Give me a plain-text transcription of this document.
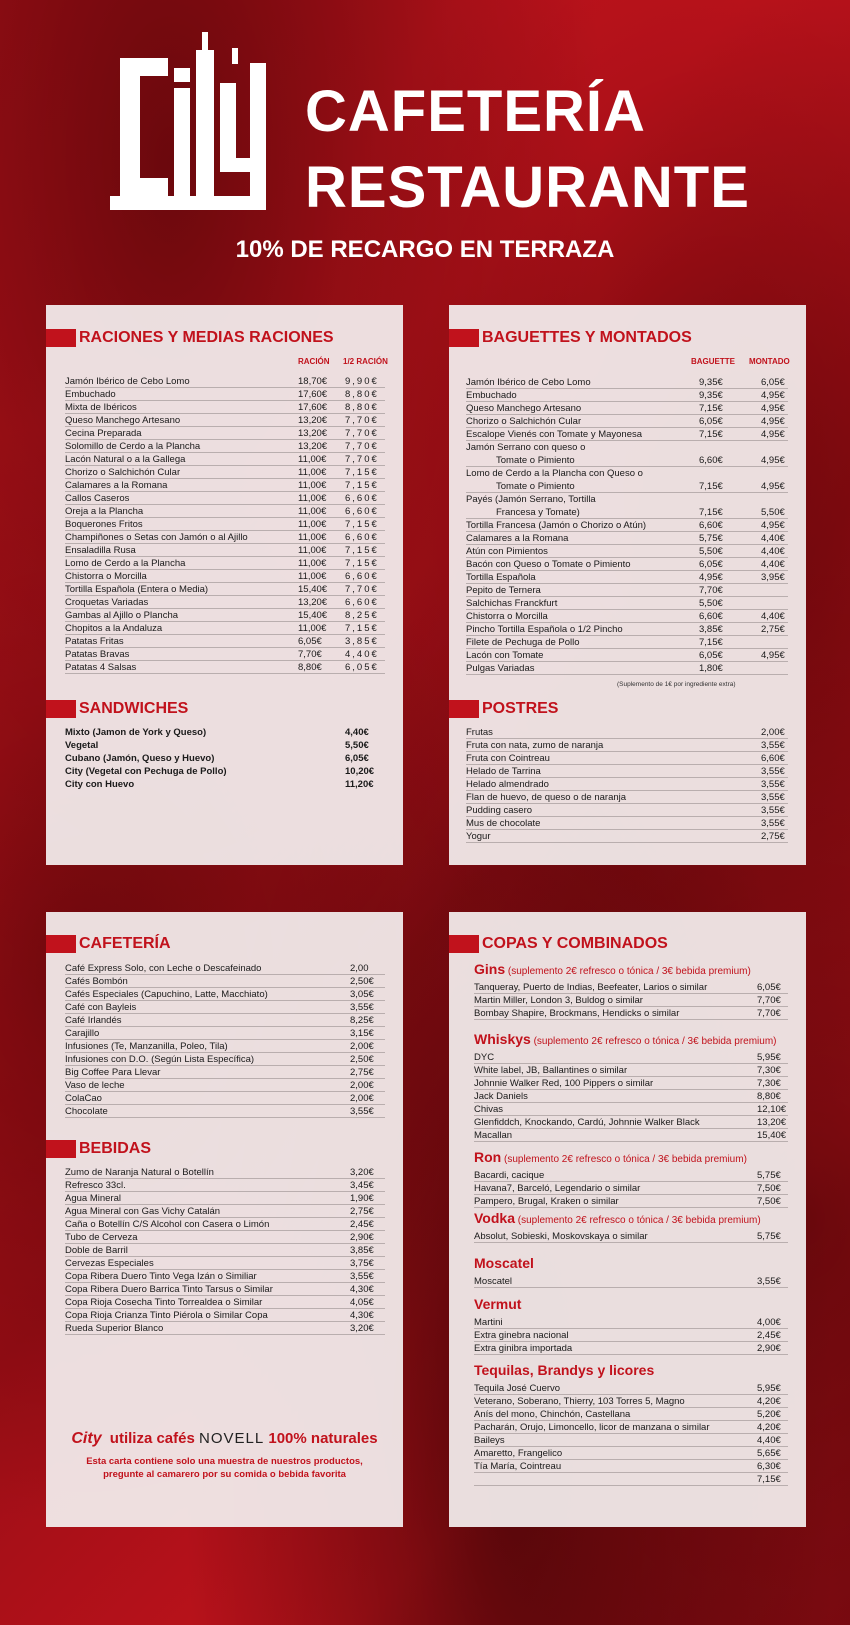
CAFETERÍA
RESTAURANTE
10% DE RECARGO EN TERRAZA
RACIONES Y MEDIAS RACIONES
RACIÓN 1/2 RACIÓN
Jamón Ibérico de Cebo Lomo	18,70€ 9,90€
Embuchado	17,60€ 8,80€
Mixta de Ibéricos	17,60€ 8,80€
Queso Manchego Artesano	13,20€ 7,70€
Cecina Preparada	13,20€ 7,70€
Solomillo de Cerdo a la Plancha	13,20€ 7,70€
Lacón Natural o a la Gallega	11,00€ 7,70€
Chorizo o Salchichón Cular	11,00€ 7,15€
Calamares a la Romana	11,00€ 7,15€
Callos Caseros	11,00€ 6,60€
Oreja a la Plancha	11,00€ 6,60€
Boquerones Fritos	11,00€ 7,15€
Champiñones o Setas con Jamón o al Ajillo	11,00€ 6,60€
Ensaladilla Rusa	11,00€ 7,15€
Lomo de Cerdo a la Plancha	11,00€ 7,15€
Chistorra o Morcilla	11,00€ 6,60€
Tortilla Española (Entera o Media)	15,40€ 7,70€
Croquetas Variadas	13,20€ 6,60€
Gambas al Ajillo o Plancha	15,40€ 8,25€
Chopitos a la Andaluza	11,00€ 7,15€
Patatas Fritas	6,05€ 3,85€
Patatas Bravas	7,70€ 4,40€
Patatas 4 Salsas	8,80€ 6,05€
SANDWICHES
Mixto (Jamon de York y Queso)	4,40€
Vegetal	5,50€
Cubano (Jamón, Queso y Huevo)	6,05€
City (Vegetal con Pechuga de Pollo)	10,20€
City con Huevo	11,20€
BAGUETTES Y MONTADOS
BAGUETTE MONTADO
Jamón Ibérico de Cebo Lomo	9,35€	6,05€
Embuchado	9,35€	4,95€
Queso Manchego Artesano	7,15€	4,95€
Chorizo o Salchichón Cular	6,05€	4,95€
Escalope Vienés con Tomate y Mayonesa	7,15€	4,95€
Jamón Serrano con queso o
Tomate o Pimiento	6,60€	4,95€
Lomo de Cerdo a la Plancha con Queso o
Tomate o Pimiento	7,15€	4,95€
Payés (Jamón Serrano, Tortilla
Francesa y Tomate)	7,15€	5,50€
Tortilla Francesa (Jamón o Chorizo o Atún)	6,60€	4,95€
Calamares a la Romana	5,75€	4,40€
Atún con Pimientos	5,50€	4,40€
Bacón con Queso o Tomate o Pimiento	6,05€	4,40€
Tortilla Española	4,95€	3,95€
Pepito de Ternera	7,70€
Salchichas Franckfurt	5,50€
Chistorra o Morcilla	6,60€	4,40€
Pincho Tortilla Española o 1/2 Pincho	3,85€	2,75€
Filete de Pechuga de Pollo	7,15€
Lacón con Tomate	6,05€	4,95€
Pulgas Variadas	1,80€
(Suplemento de 1€ por ingrediente extra)
POSTRES
Frutas	2,00€
Fruta con nata, zumo de naranja	3,55€
Fruta con Cointreau	6,60€
Helado de Tarrina	3,55€
Helado almendrado	3,55€
Flan de huevo, de queso o de naranja	3,55€
Pudding casero	3,55€
Mus de chocolate	3,55€
Yogur	2,75€
CAFETERÍA
Café Express Solo, con Leche o Descafeinado	2,00
Cafés Bombón	2,50€
Cafés Especiales (Capuchino, Latte, Macchiato)	3,05€
Café con Bayleis	3,55€
Café Irlandés	8,25€
Carajillo	3,15€
Infusiones (Te, Manzanilla, Poleo, Tila)	2,00€
Infusiones con D.O. (Según Lista Específica)	2,50€
Big Coffee Para Llevar	2,75€
Vaso de leche	2,00€
ColaCao	2,00€
Chocolate	3,55€
BEBIDAS
Zumo de Naranja Natural o Botellín	3,20€
Refresco 33cl.	3,45€
Agua Mineral	1,90€
Agua Mineral con Gas Vichy Catalán	2,75€
Caña o Botellín C/S Alcohol con Casera o Limón	2,45€
Tubo de Cerveza	2,90€
Doble de Barril	3,85€
Cervezas Especiales	3,75€
Copa Ribera Duero Tinto Vega Izán o Similiar	3,55€
Copa Ribera Duero Barrica Tinto Tarsus o Similar	4,30€
Copa Rioja Cosecha Tinto Torrealdea o Similar	4,05€
Copa Rioja Crianza Tinto Piérola o Similar Copa	4,30€
Rueda Superior Blanco	3,20€
City utiliza cafés NOVELL 100% naturales
Esta carta contiene solo una muestra de nuestros productos,
pregunte al camarero por su comida o bebida favorita
COPAS Y COMBINADOS
Gins (suplemento 2€ refresco o tónica / 3€ bebida premium)
Tanqueray, Puerto de Indias, Beefeater, Larios o similar	6,05€
Martin Miller, London 3, Buldog o similar	7,70€
Bombay Shapire, Brockmans, Hendicks o similar	7,70€
Whiskys (suplemento 2€ refresco o tónica / 3€ bebida premium)
DYC	5,95€
White label, JB, Ballantines o similar	7,30€
Johnnie Walker Red, 100 Pippers o similar	7,30€
Jack Daniels	8,80€
Chivas	12,10€
Glenfiddch, Knockando, Cardú, Johnnie Walker Black	13,20€
Macallan	15,40€
Ron (suplemento 2€ refresco o tónica / 3€ bebida premium)
Bacardi, cacique	5,75€
Havana7, Barceló, Legendario o similar	7,50€
Pampero, Brugal, Kraken o similar	7,50€
Vodka (suplemento 2€ refresco o tónica / 3€ bebida premium)
Absolut, Sobieski, Moskovskaya o similar	5,75€
Moscatel
Moscatel	3,55€
Vermut
Martini	4,00€
Extra ginebra nacional	2,45€
Extra ginibra importada	2,90€
Tequilas, Brandys y licores
Tequila José Cuervo	5,95€
Veterano, Soberano, Thierry, 103 Torres 5, Magno	4,20€
Anís del mono, Chinchón, Castellana	5,20€
Pacharán, Orujo, Limoncello, licor de manzana o similar	4,20€
Baileys	4,40€
Amaretto, Frangelico	5,65€
Tía María, Cointreau	6,30€
7,15€
